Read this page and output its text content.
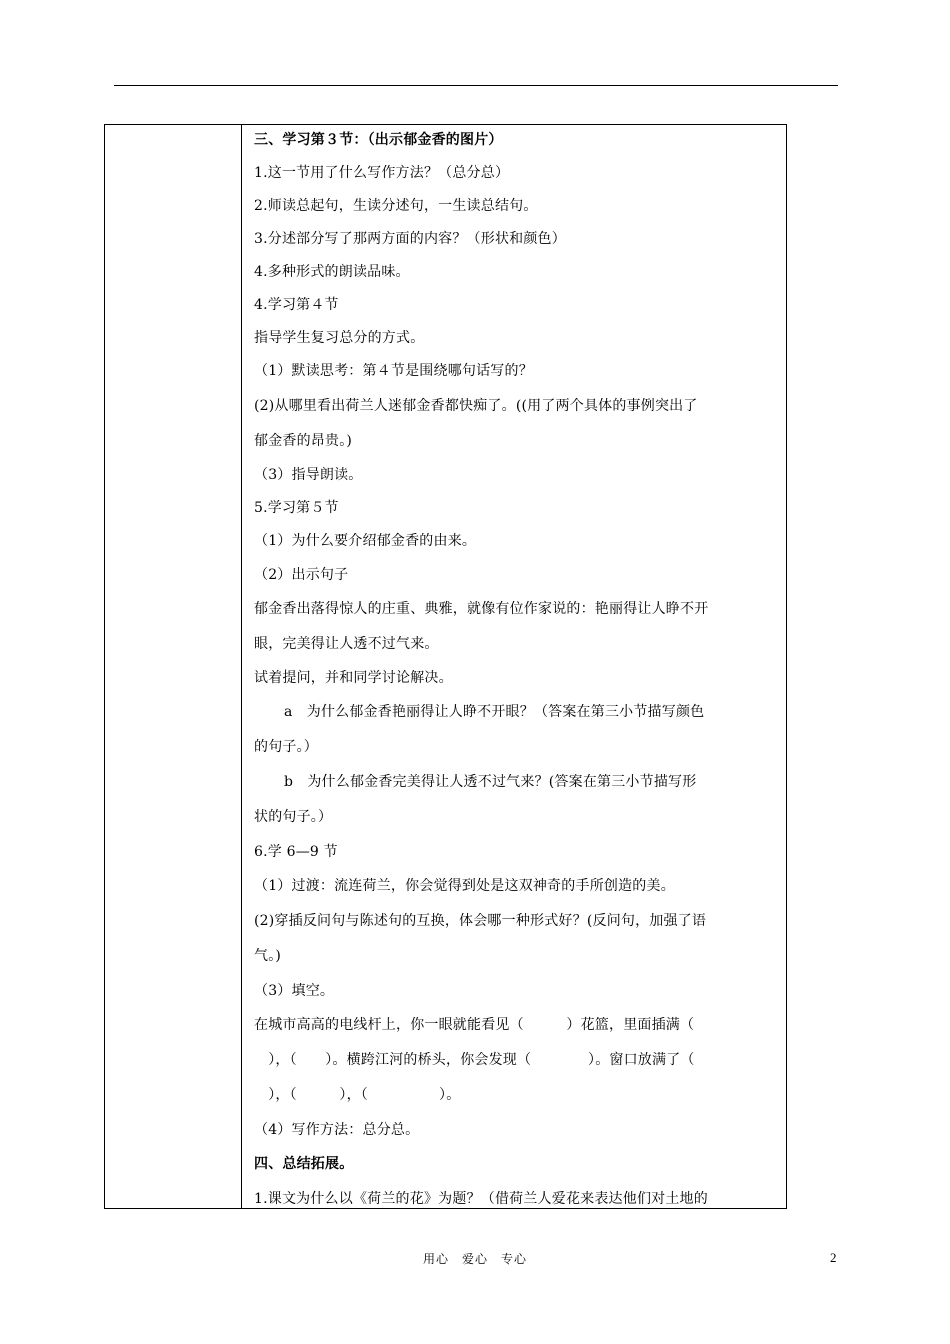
三、学习第３节：（出示郁金香的图片）
1.这一节用了什么写作方法？（总分总）
2.师读总起句，生读分述句，一生读总结句。
3.分述部分写了那两方面的内容？（形状和颜色）
4.多种形式的朗读品味。
4.学习第４节
指导学生复习总分的方式。
（1）默读思考：第４节是围绕哪句话写的？
(2)从哪里看出荷兰人迷郁金香都快痴了。((用了两个具体的事例突出了
郁金香的昂贵。)
（3）指导朗读。
5.学习第５节
（1）为什么要介绍郁金香的由来。
（2）出示句子
郁金香出落得惊人的庄重、典雅，就像有位作家说的：艳丽得让人睁不开
眼，完美得让人透不过气来。
试着提问，并和同学讨论解决。
a　为什么郁金香艳丽得让人睁不开眼？（答案在第三小节描写颜色
的句子。）
b　为什么郁金香完美得让人透不过气来？(答案在第三小节描写形
状的句子。）
6.学 6—9 节
（1）过渡：流连荷兰，你会觉得到处是这双神奇的手所创造的美。
(2)穿插反问句与陈述句的互换，体会哪一种形式好？(反问句，加强了语
气。)
（3）填空。
在城市高高的电线杆上，你一眼就能看见（　　　）花篮，里面插满（
　），（　　）。横跨江河的桥头，你会发现（　　　　）。窗口放满了（
　），（　　　），（　　　　　）。
（4）写作方法：总分总。
四、总结拓展。
1.课文为什么以《荷兰的花》为题？（借荷兰人爱花来表达他们对土地的
用心　爱心　专心	2
